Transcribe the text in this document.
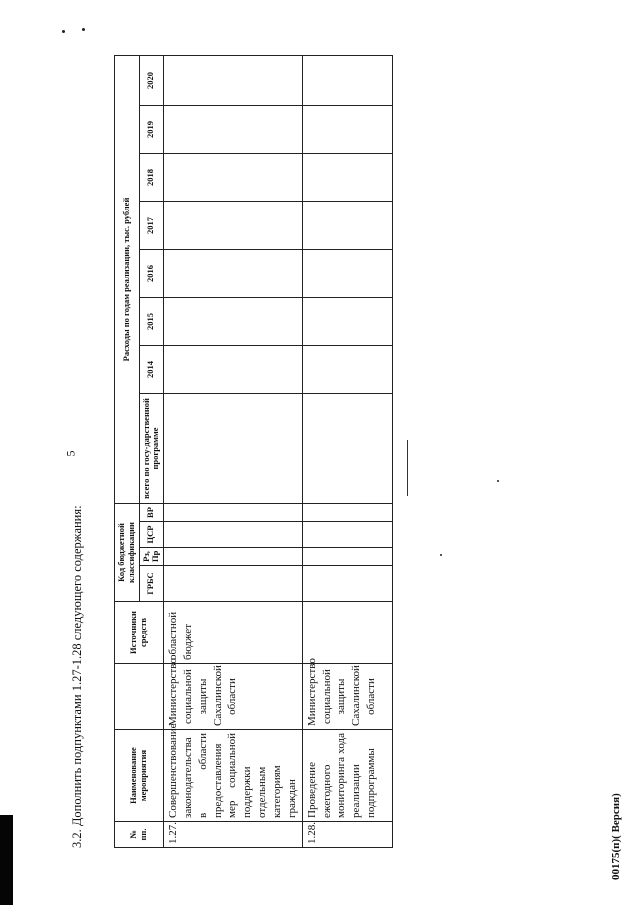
5
00175(п)( Версия)
3.2. Дополнить подпунктами 1.27-1.28 следующего содержания:	№ пп.	Наименование мероприятия		Источники средств	Код бюджетной классификации				Расходы по годам реализации, тыс. рублей							
				ГРБС	Рз, Пр	ЦСР	ВР	всего по госу-дарственной программе	2014	2015	2016	2017	2018	2019	2020
1.27.	Совершенствование законодательства в области предоставления мер социальной поддержки отдельным категориям граждан	Министерство социальной защиты Сахалинской области	областной бюджет												
1.28.	Проведение ежегодного мониторинга хода реализации подпрограммы	Министерство социальной защиты Сахалинской области													
